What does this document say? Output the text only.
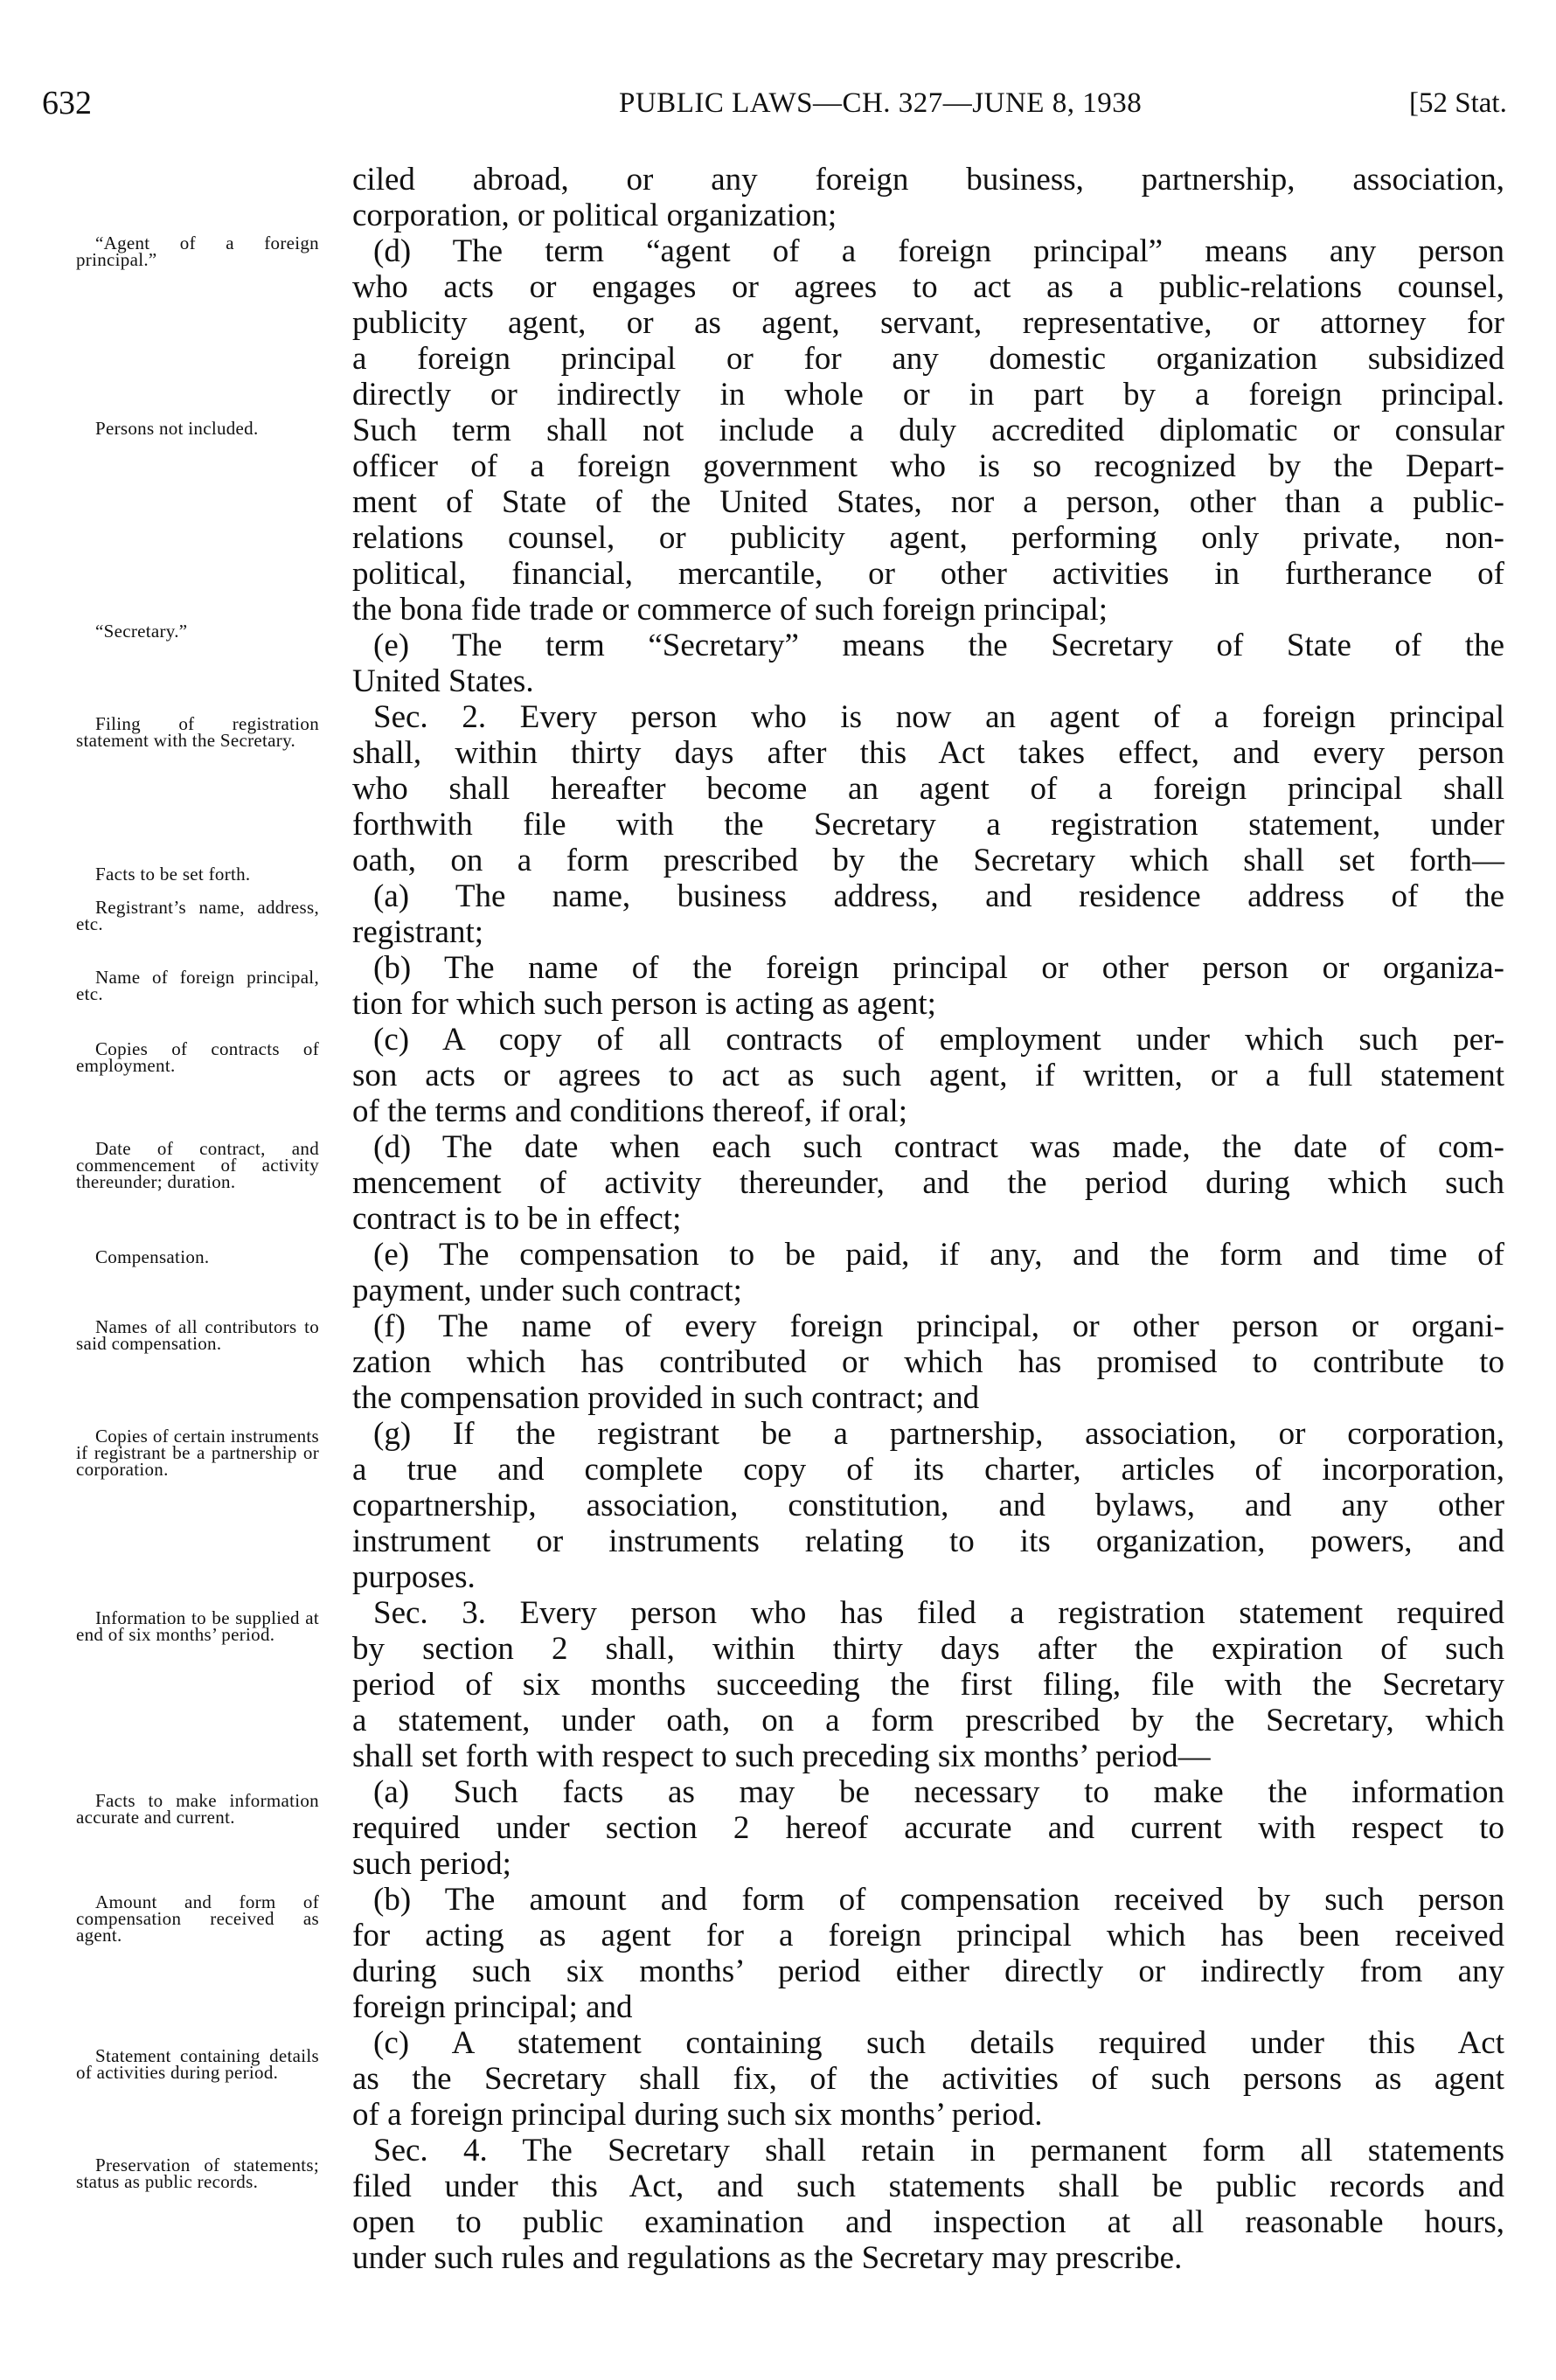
632	PUBLIC LAWS—CH. 327—JUNE 8, 1938	[52 Stat.
ciled abroad, or any foreign business, partnership, association,
corporation, or political organization;
(d) The term “agent of a foreign principal” means any person
who acts or engages or agrees to act as a public-relations counsel,
publicity agent, or as agent, servant, representative, or attorney for
a foreign principal or for any domestic organization subsidized
directly or indirectly in whole or in part by a foreign principal.
Such term shall not include a duly accredited diplomatic or consular
officer of a foreign government who is so recognized by the Depart-
ment of State of the United States, nor a person, other than a public-
relations counsel, or publicity agent, performing only private, non-
political, financial, mercantile, or other activities in furtherance of
the bona fide trade or commerce of such foreign principal;
(e) The term “Secretary” means the Secretary of State of the
United States.
Sec. 2. Every person who is now an agent of a foreign principal
shall, within thirty days after this Act takes effect, and every person
who shall hereafter become an agent of a foreign principal shall
forthwith file with the Secretary a registration statement, under
oath, on a form prescribed by the Secretary which shall set forth—
(a) The name, business address, and residence address of the
registrant;
(b) The name of the foreign principal or other person or organiza-
tion for which such person is acting as agent;
(c) A copy of all contracts of employment under which such per-
son acts or agrees to act as such agent, if written, or a full statement
of the terms and conditions thereof, if oral;
(d) The date when each such contract was made, the date of com-
mencement of activity thereunder, and the period during which such
contract is to be in effect;
(e) The compensation to be paid, if any, and the form and time of
payment, under such contract;
(f) The name of every foreign principal, or other person or organi-
zation which has contributed or which has promised to contribute to
the compensation provided in such contract; and
(g) If the registrant be a partnership, association, or corporation,
a true and complete copy of its charter, articles of incorporation,
copartnership, association, constitution, and bylaws, and any other
instrument or instruments relating to its organization, powers, and
purposes.
Sec. 3. Every person who has filed a registration statement required
by section 2 shall, within thirty days after the expiration of such
period of six months succeeding the first filing, file with the Secretary
a statement, under oath, on a form prescribed by the Secretary, which
shall set forth with respect to such preceding six months’ period—
(a) Such facts as may be necessary to make the information
required under section 2 hereof accurate and current with respect to
such period;
(b) The amount and form of compensation received by such person
for acting as agent for a foreign principal which has been received
during such six months’ period either directly or indirectly from any
foreign principal; and
(c) A statement containing such details required under this Act
as the Secretary shall fix, of the activities of such persons as agent
of a foreign principal during such six months’ period.
Sec. 4. The Secretary shall retain in permanent form all statements
filed under this Act, and such statements shall be public records and
open to public examination and inspection at all reasonable hours,
under such rules and regulations as the Secretary may prescribe.
“Agent of a foreign principal.”
Persons not included.
“Secretary.”
Filing of registration statement with the Secretary.
Facts to be set forth.
Registrant’s name, address, etc.
Name of foreign principal, etc.
Copies of contracts of employment.
Date of contract, and commencement of activity thereunder; duration.
Compensation.
Names of all contributors to said compensation.
Copies of certain instruments if registrant be a partnership or corporation.
Information to be supplied at end of six months’ period.
Facts to make information accurate and current.
Amount and form of compensation received as agent.
Statement containing details of activities during period.
Preservation of statements; status as public records.
